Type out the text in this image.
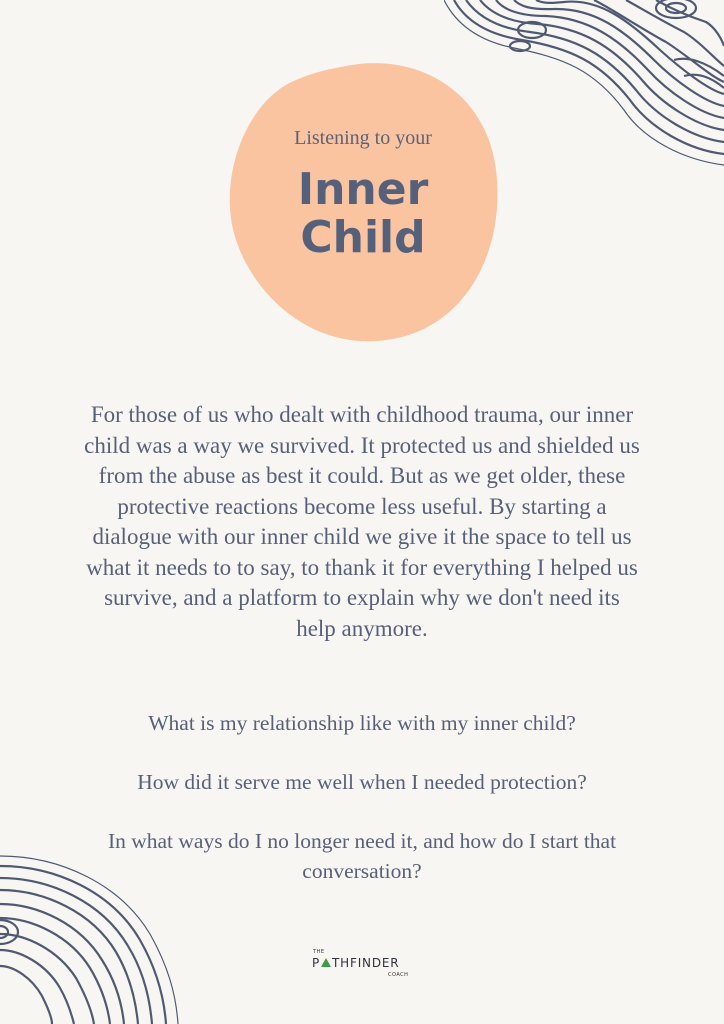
Listening to your
Inner
Child
For those of us who dealt with childhood trauma, our inner child was a way we survived. It protected us and shielded us from the abuse as best it could. But as we get older, these protective reactions become less useful. By starting a dialogue with our inner child we give it the space to tell us what it needs to to say, to thank it for everything I helped us survive, and a platform to explain why we don't need its help anymore.
What is my relationship like with my inner child?
How did it serve me well when I needed protection?
In what ways do I no longer need it, and how do I start that conversation?
THE
P THFINDER
COACH
